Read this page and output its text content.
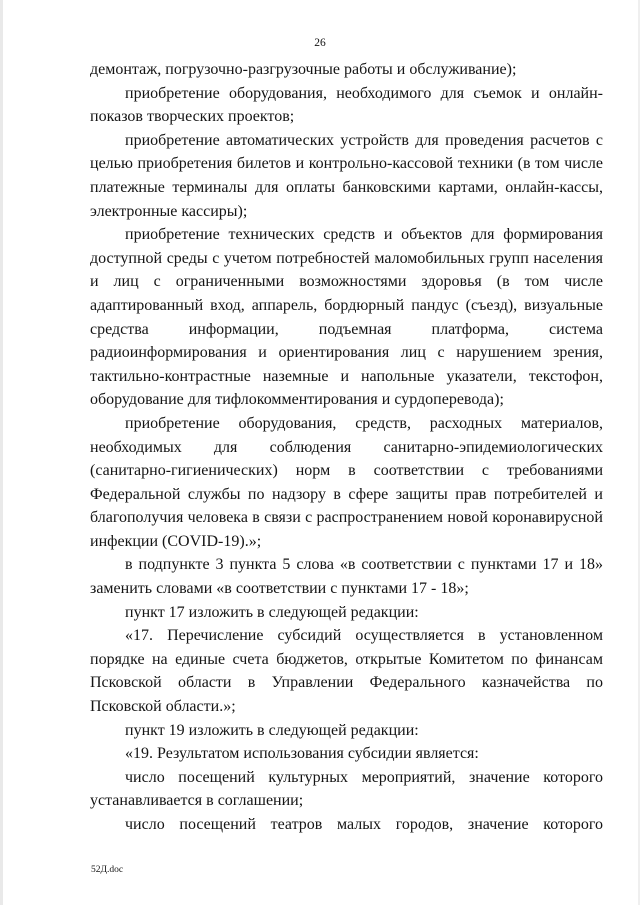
26

демонтаж, погрузочно-разгрузочные работы и обслуживание);

приобретение оборудования, необходимого для съемок и онлайн-показов творческих проектов;

приобретение автоматических устройств для проведения расчетов с целью приобретения билетов и контрольно-кассовой техники (в том числе платежные терминалы для оплаты банковскими картами, онлайн-кассы, электронные кассиры);

приобретение технических средств и объектов для формирования доступной среды с учетом потребностей маломобильных групп населения и лиц с ограниченными возможностями здоровья (в том числе адаптированный вход, аппарель, бордюрный пандус (съезд), визуальные средства информации, подъемная платформа, система радиоинформирования и ориентирования лиц с нарушением зрения, тактильно-контрастные наземные и напольные указатели, текстофон, оборудование для тифлокомментирования и сурдоперевода);

приобретение оборудования, средств, расходных материалов, необходимых для соблюдения санитарно-эпидемиологических (санитарно-гигиенических) норм в соответствии с требованиями Федеральной службы по надзору в сфере защиты прав потребителей и благополучия человека в связи с распространением новой коронавирусной инфекции (COVID-19).»;

в подпункте 3 пункта 5 слова «в соответствии с пунктами 17 и 18» заменить словами «в соответствии с пунктами 17 - 18»;

пункт 17 изложить в следующей редакции:

«17. Перечисление субсидий осуществляется в установленном порядке на единые счета бюджетов, открытые Комитетом по финансам Псковской области в Управлении Федерального казначейства по Псковской области.»;

пункт 19 изложить в следующей редакции:

«19. Результатом использования субсидии является:

число посещений культурных мероприятий, значение которого устанавливается в соглашении;

число посещений театров малых городов, значение которого

52Д.doc
